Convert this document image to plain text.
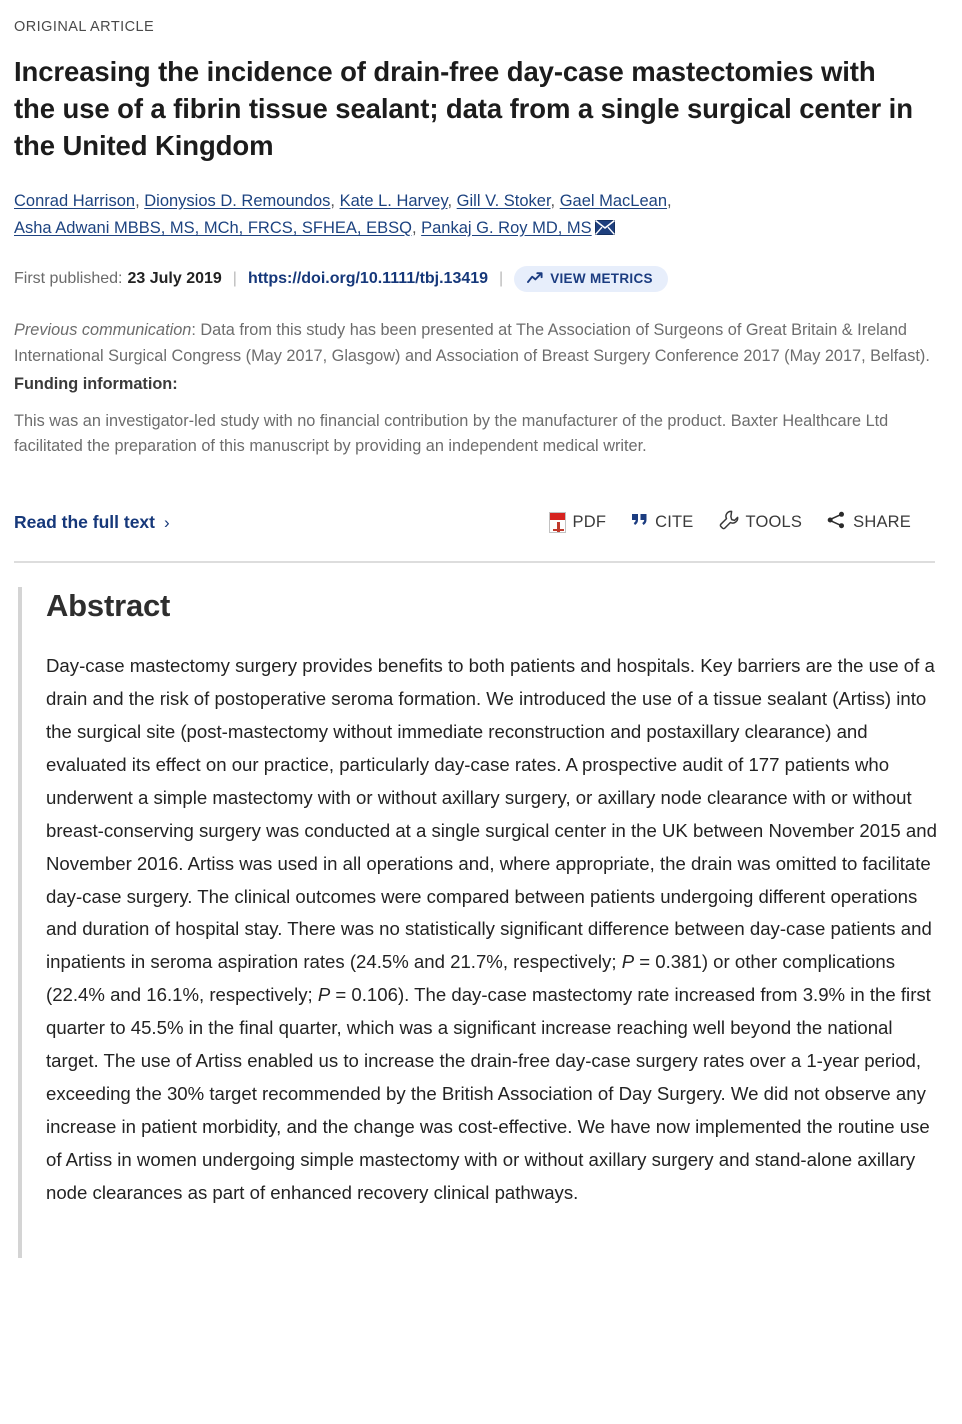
ORIGINAL ARTICLE
Increasing the incidence of drain-free day-case mastectomies with the use of a fibrin tissue sealant; data from a single surgical center in the United Kingdom
Conrad Harrison, Dionysios D. Remoundos, Kate L. Harvey, Gill V. Stoker, Gael MacLean,
Asha Adwani MBBS, MS, MCh, FRCS, SFHEA, EBSQ, Pankaj G. Roy MD, MS
First published: 23 July 2019 | https://doi.org/10.1111/tbj.13419 |	VIEW METRICS
Previous communication: Data from this study has been presented at The Association of Surgeons of Great Britain & Ireland International Surgical Congress (May 2017, Glasgow) and Association of Breast Surgery Conference 2017 (May 2017, Belfast).
Funding information:
This was an investigator-led study with no financial contribution by the manufacturer of the product. Baxter Healthcare Ltd facilitated the preparation of this manuscript by providing an independent medical writer.
Read the full text ›	PDF	CITE	TOOLS	SHARE
Abstract

Day-case mastectomy surgery provides benefits to both patients and hospitals. Key barriers are the use of a drain and the risk of postoperative seroma formation. We introduced the use of a tissue sealant (Artiss) into the surgical site (post-mastectomy without immediate reconstruction and postaxillary clearance) and evaluated its effect on our practice, particularly day-case rates. A prospective audit of 177 patients who underwent a simple mastectomy with or without axillary surgery, or axillary node clearance with or without breast-conserving surgery was conducted at a single surgical center in the UK between November 2015 and November 2016. Artiss was used in all operations and, where appropriate, the drain was omitted to facilitate day-case surgery. The clinical outcomes were compared between patients undergoing different operations and duration of hospital stay. There was no statistically significant difference between day-case patients and inpatients in seroma aspiration rates (24.5% and 21.7%, respectively; P = 0.381) or other complications (22.4% and 16.1%, respectively; P = 0.106). The day-case mastectomy rate increased from 3.9% in the first quarter to 45.5% in the final quarter, which was a significant increase reaching well beyond the national target. The use of Artiss enabled us to increase the drain-free day-case surgery rates over a 1-year period, exceeding the 30% target recommended by the British Association of Day Surgery. We did not observe any increase in patient morbidity, and the change was cost-effective. We have now implemented the routine use of Artiss in women undergoing simple mastectomy with or without axillary surgery and stand-alone axillary node clearances as part of enhanced recovery clinical pathways.
